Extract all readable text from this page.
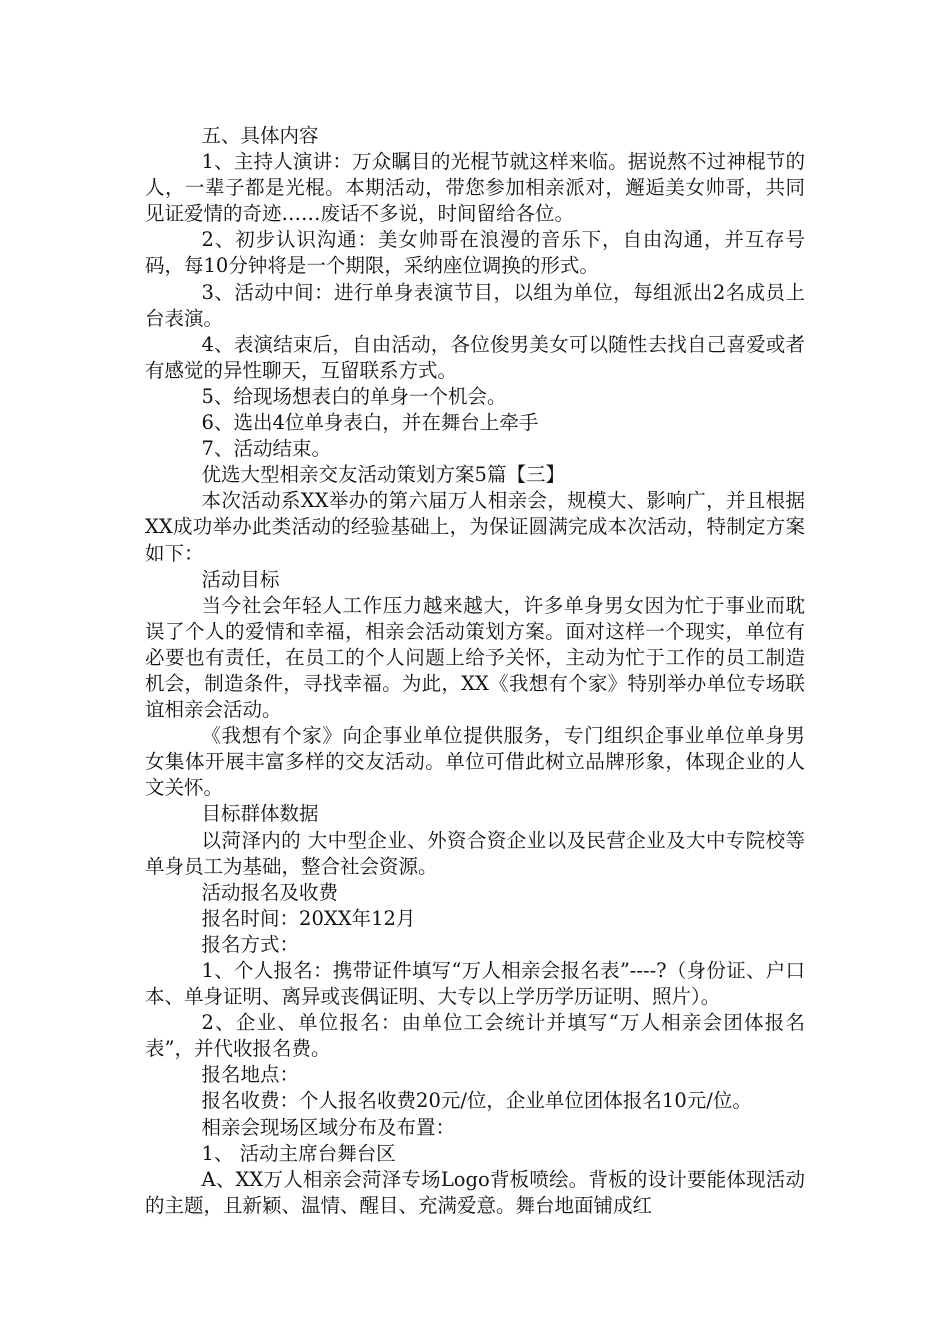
五、具体内容

1、主持人演讲：万众瞩目的光棍节就这样来临。据说熬不过神棍节的人，一辈子都是光棍。本期活动，带您参加相亲派对，邂逅美女帅哥，共同见证爱情的奇迹……废话不多说，时间留给各位。

2、初步认识沟通：美女帅哥在浪漫的音乐下，自由沟通，并互存号码，每10分钟将是一个期限，采纳座位调换的形式。

3、活动中间：进行单身表演节目，以组为单位，每组派出2名成员上台表演。

4、表演结束后，自由活动，各位俊男美女可以随性去找自己喜爱或者有感觉的异性聊天，互留联系方式。

5、给现场想表白的单身一个机会。

6、选出4位单身表白，并在舞台上牵手

7、活动结束。

优选大型相亲交友活动策划方案5篇【三】

本次活动系XX举办的第六届万人相亲会，规模大、影响广，并且根据XX成功举办此类活动的经验基础上，为保证圆满完成本次活动，特制定方案如下：

活动目标

当今社会年轻人工作压力越来越大，许多单身男女因为忙于事业而耽误了个人的爱情和幸福，相亲会活动策划方案。面对这样一个现实，单位有必要也有责任，在员工的个人问题上给予关怀，主动为忙于工作的员工制造机会，制造条件，寻找幸福。为此，XX《我想有个家》特别举办单位专场联谊相亲会活动。

《我想有个家》向企事业单位提供服务，专门组织企事业单位单身男女集体开展丰富多样的交友活动。单位可借此树立品牌形象，体现企业的人文关怀。

目标群体数据

以菏泽内的 大中型企业、外资合资企业以及民营企业及大中专院校等单身员工为基础，整合社会资源。

活动报名及收费

报名时间：20XX年12月

报名方式：

1、个人报名：携带证件填写“万人相亲会报名表”----?（身份证、户口本、单身证明、离异或丧偶证明、大专以上学历学历证明、照片）。

2、企业、单位报名：由单位工会统计并填写“万人相亲会团体报名表”，并代收报名费。

报名地点：

报名收费：个人报名收费20元/位，企业单位团体报名10元/位。

相亲会现场区域分布及布置：

1、 活动主席台舞台区

A、XX万人相亲会菏泽专场Logo背板喷绘。背板的设计要能体现活动的主题，且新颖、温情、醒目、充满爱意。舞台地面铺成红
